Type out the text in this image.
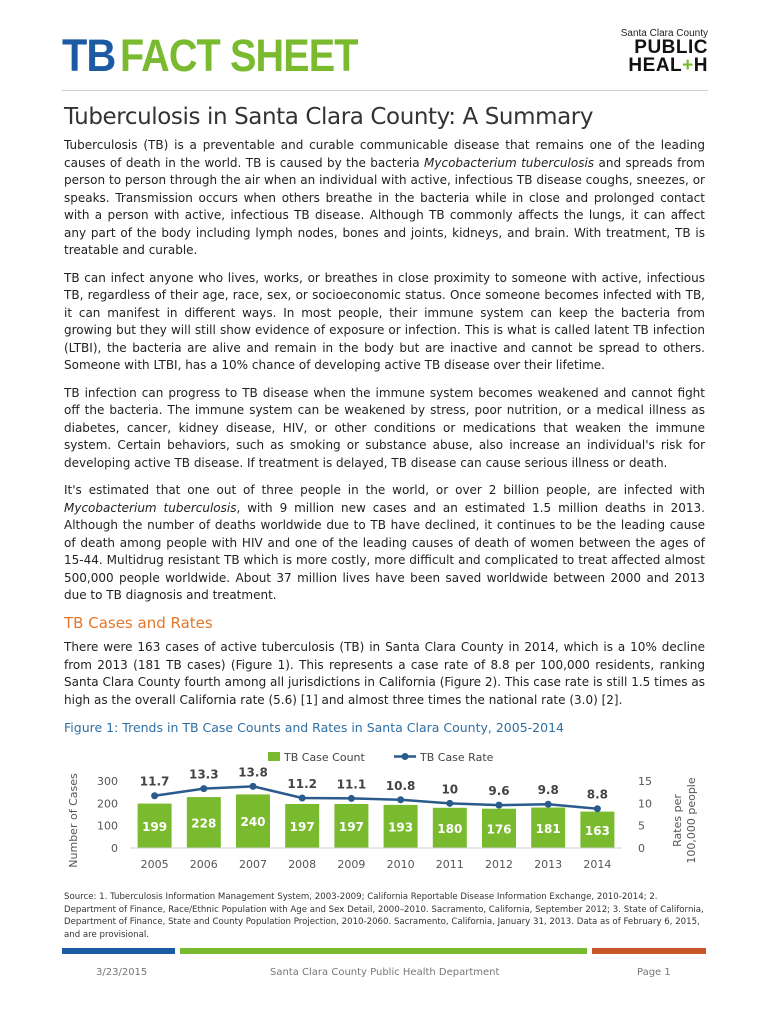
TB FACT SHEET	Santa Clara County
PUBLIC
HEAL+H
Tuberculosis in Santa Clara County: A Summary

Tuberculosis (TB) is a preventable and curable communicable disease that remains one of the leading causes of death in the world. TB is caused by the bacteria Mycobacterium tuberculosis and spreads from person to person through the air when an individual with active, infectious TB disease coughs, sneezes, or speaks. Transmission occurs when others breathe in the bacteria while in close and prolonged contact with a person with active, infectious TB disease. Although TB commonly affects the lungs, it can affect any part of the body including lymph nodes, bones and joints, kidneys, and brain. With treatment, TB is treatable and curable.

TB can infect anyone who lives, works, or breathes in close proximity to someone with active, infectious TB, regardless of their age, race, sex, or socioeconomic status. Once someone becomes infected with TB, it can manifest in different ways. In most people, their immune system can keep the bacteria from growing but they will still show evidence of exposure or infection. This is what is called latent TB infection (LTBI), the bacteria are alive and remain in the body but are inactive and cannot be spread to others. Someone with LTBI, has a 10% chance of developing active TB disease over their lifetime.

TB infection can progress to TB disease when the immune system becomes weakened and cannot fight off the bacteria. The immune system can be weakened by stress, poor nutrition, or a medical illness as diabetes, cancer, kidney disease, HIV, or other conditions or medications that weaken the immune system. Certain behaviors, such as smoking or substance abuse, also increase an individual's risk for developing active TB disease. If treatment is delayed, TB disease can cause serious illness or death.

It's estimated that one out of three people in the world, or over 2 billion people, are infected with Mycobacterium tuberculosis, with 9 million new cases and an estimated 1.5 million deaths in 2013. Although the number of deaths worldwide due to TB have declined, it continues to be the leading cause of death among people with HIV and one of the leading causes of death of women between the ages of 15-44. Multidrug resistant TB which is more costly, more difficult and complicated to treat affected almost 500,000 people worldwide. About 37 million lives have been saved worldwide between 2000 and 2013 due to TB diagnosis and treatment.

TB Cases and Rates

There were 163 cases of active tuberculosis (TB) in Santa Clara County in 2014, which is a 10% decline from 2013 (181 TB cases) (Figure 1). This represents a case rate of 8.8 per 100,000 residents, ranking Santa Clara County fourth among all jurisdictions in California (Figure 2). This case rate is still 1.5 times as high as the overall California rate (5.6) [1] and almost three times the national rate (3.0) [2].

Figure 1: Trends in TB Case Counts and Rates in Santa Clara County, 2005-2014
TB Case Count	TB Case Rate
0
100
200
300
0
5
10
15
Number of Cases	Rates per 100,000 people
199
2005
228
2006
240
2007
197
2008
197
2009
193
2010
180
2011
176
2012
181
2013
163
2014
11.7
13.3 13.8
11.2 11.1 10.8 10	9.6 9.8 8.8
Source: 1. Tuberculosis Information Management System, 2003-2009; California Reportable Disease Information Exchange, 2010-2014; 2. Department of Finance, Race/Ethnic Population with Age and Sex Detail, 2000–2010. Sacramento, California, September 2012; 3. State of California, Department of Finance, State and County Population Projection, 2010-2060. Sacramento, California, January 31, 2013. Data as of February 6, 2015, and are provisional.
3/23/2015	Santa Clara County Public Health Department	Page 1
